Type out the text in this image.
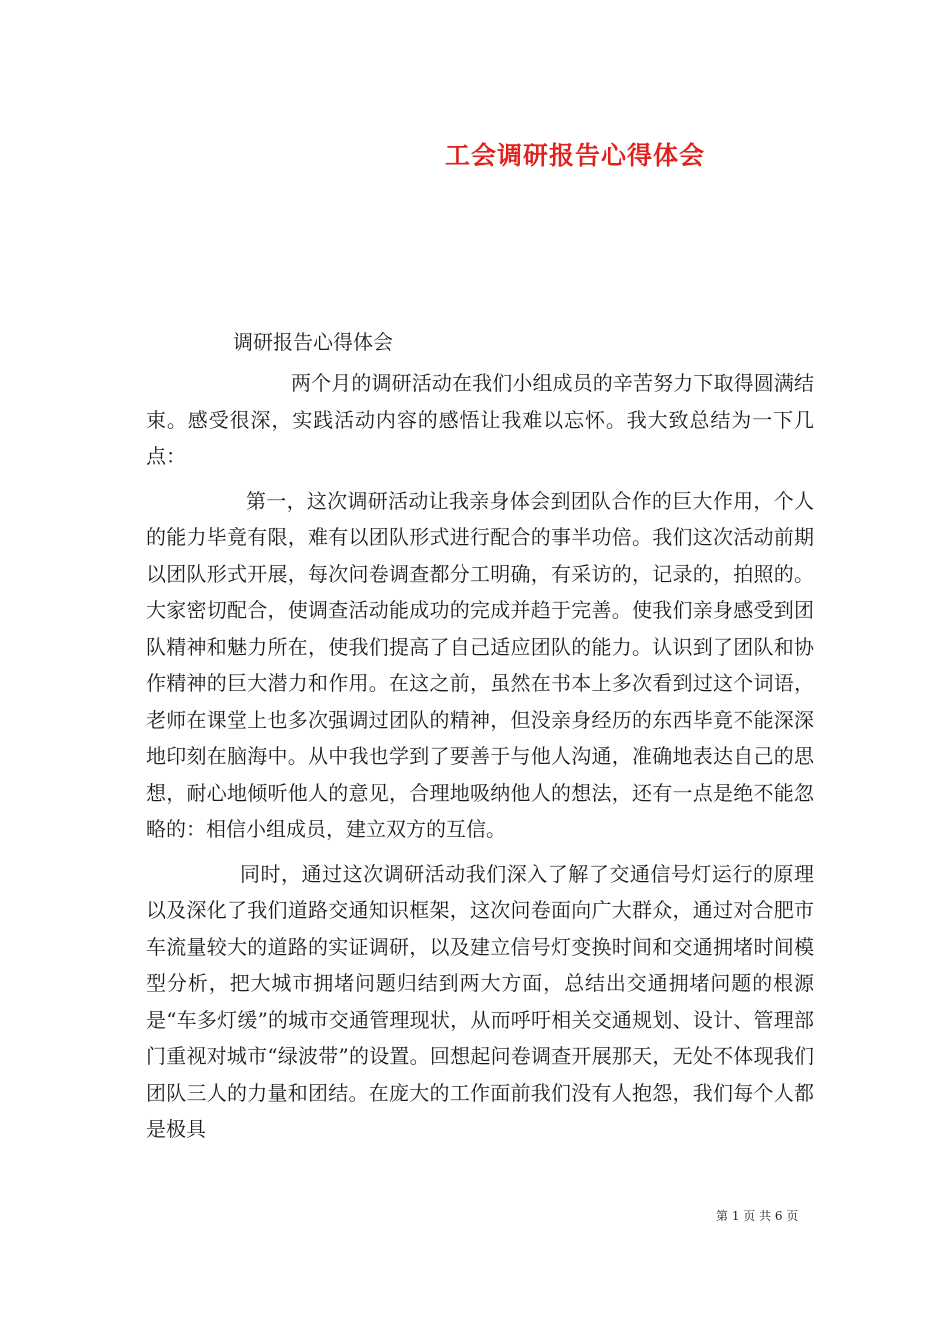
工会调研报告心得体会
调研报告心得体会

两个月的调研活动在我们小组成员的辛苦努力下取得圆满结束。感受很深，实践活动内容的感悟让我难以忘怀。我大致总结为一下几点：

第一，这次调研活动让我亲身体会到团队合作的巨大作用，个人的能力毕竟有限，难有以团队形式进行配合的事半功倍。我们这次活动前期以团队形式开展，每次问卷调查都分工明确，有采访的，记录的，拍照的。大家密切配合，使调查活动能成功的完成并趋于完善。使我们亲身感受到团队精神和魅力所在，使我们提高了自己适应团队的能力。认识到了团队和协作精神的巨大潜力和作用。在这之前，虽然在书本上多次看到过这个词语，老师在课堂上也多次强调过团队的精神，但没亲身经历的东西毕竟不能深深地印刻在脑海中。从中我也学到了要善于与他人沟通，准确地表达自己的思想，耐心地倾听他人的意见，合理地吸纳他人的想法，还有一点是绝不能忽略的：相信小组成员，建立双方的互信。

同时，通过这次调研活动我们深入了解了交通信号灯运行的原理以及深化了我们道路交通知识框架，这次问卷面向广大群众，通过对合肥市车流量较大的道路的实证调研，以及建立信号灯变换时间和交通拥堵时间模型分析，把大城市拥堵问题归结到两大方面，总结出交通拥堵问题的根源是“车多灯缓”的城市交通管理现状，从而呼吁相关交通规划、设计、管理部门重视对城市“绿波带”的设置。回想起问卷调查开展那天，无处不体现我们团队三人的力量和团结。在庞大的工作面前我们没有人抱怨，我们每个人都是极具

第 1 页 共 6 页
